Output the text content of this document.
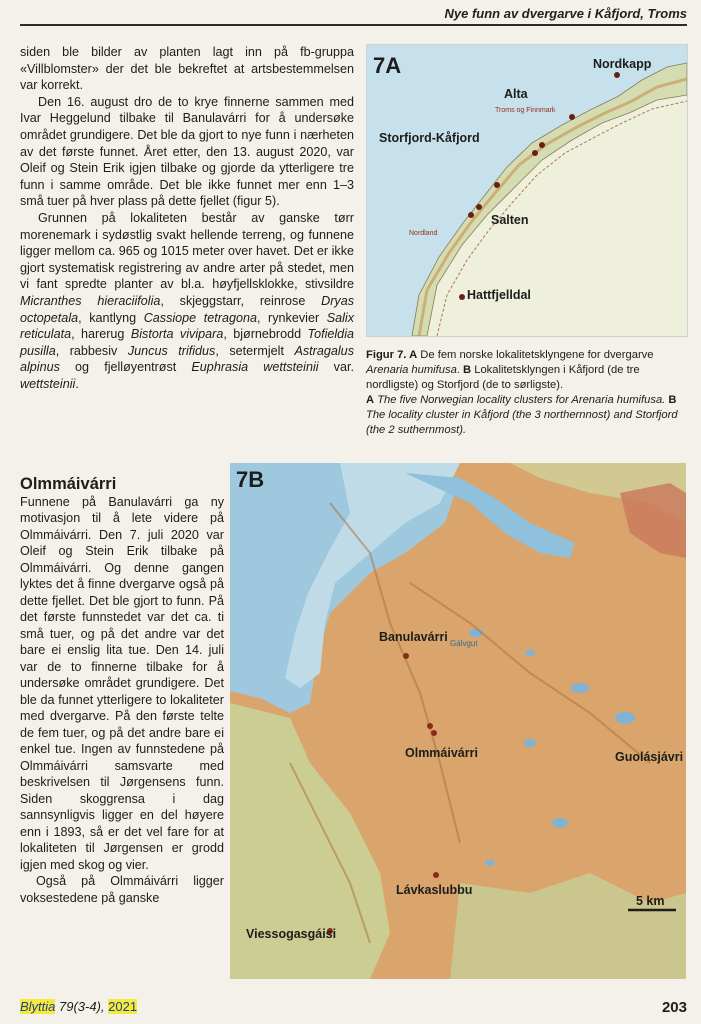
Nye funn av dvergarve i Kåfjord, Troms

siden ble bilder av planten lagt inn på fb-gruppa «Villblomster» der det ble bekreftet at artsbestemmelsen var korrekt.

Den 16. august dro de to krye finnerne sammen med Ivar Heggelund tilbake til Banulavárri for å undersøke området grundigere. Det ble da gjort to nye funn i nærheten av det første funnet. Året etter, den 13. august 2020, var Oleif og Stein Erik igjen tilbake og gjorde da ytterligere tre funn i samme område. Det ble ikke funnet mer enn 1–3 små tuer på hver plass på dette fjellet (figur 5).

Grunnen på lokaliteten består av ganske tørr morenemark i sydøstlig svakt hellende terreng, og funnene ligger mellom ca. 965 og 1015 meter over havet. Det er ikke gjort systematisk registrering av andre arter på stedet, men vi fant spredte planter av bl.a. høyfjellsklokke, stivsildre Micranthes hieraciifolia, skjeggstarr, reinrose Dryas octopetala, kantlyng Cassiope tetragona, rynkevier Salix reticulata, harerug Bistorta vivipara, bjørnebrodd Tofieldia pusilla, rabbesiv Juncus trifidus, setermjelt Astragalus alpinus og fjelløyentrøst Euphrasia wettsteinii var. wettsteinii.

7A	Nordkapp
Alta
Storfjord-Kåfjord
Salten
Hattfjelldal
Troms og Finnmark
Nordland

Figur 7. A De fem norske lokalitetsklyngene for dvergarve Arenaria humifusa. B Lokalitetsklyngen i Kåfjord (de tre nordligste) og Storfjord (de to sørligste).

A The five Norwegian locality clusters for Arenaria humifusa. B The locality cluster in Kåfjord (the 3 northernnost) and Storfjord (the 2 suthernmost).

7B
Banulavárri
Olmmáivárri	Guolásjávri
Lávkaslubbu
Viessogasgáisi
5 km
Gálvgut
Olmmáivárri

Funnene på Banulavárri ga ny motivasjon til å lete videre på Olmmáivárri. Den 7. juli 2020 var Oleif og Stein Erik tilbake på Olmmáivárri. Og denne gangen lyktes det å finne dvergarve også på dette fjellet. Det ble gjort to funn. På det første funnstedet var det ca. ti små tuer, og på det andre var det bare ei enslig lita tue. Den 14. juli var de to finnerne tilbake for å undersøke området grundigere. Det ble da funnet ytterligere to lokaliteter med dvergarve. På den første telte de fem tuer, og på det andre bare ei enkel tue. Ingen av funnstedene på Olmmáivárri samsvarte med beskrivelsen til Jørgensens funn. Siden skoggrensa i dag sannsynligvis ligger en del høyere enn i 1893, så er det vel fare for at lokaliteten til Jørgensen er grodd igjen med skog og vier.

Også på Olmmáivárri ligger voksestedene på ganske

Blyttia 79(3-4), 2021	203
